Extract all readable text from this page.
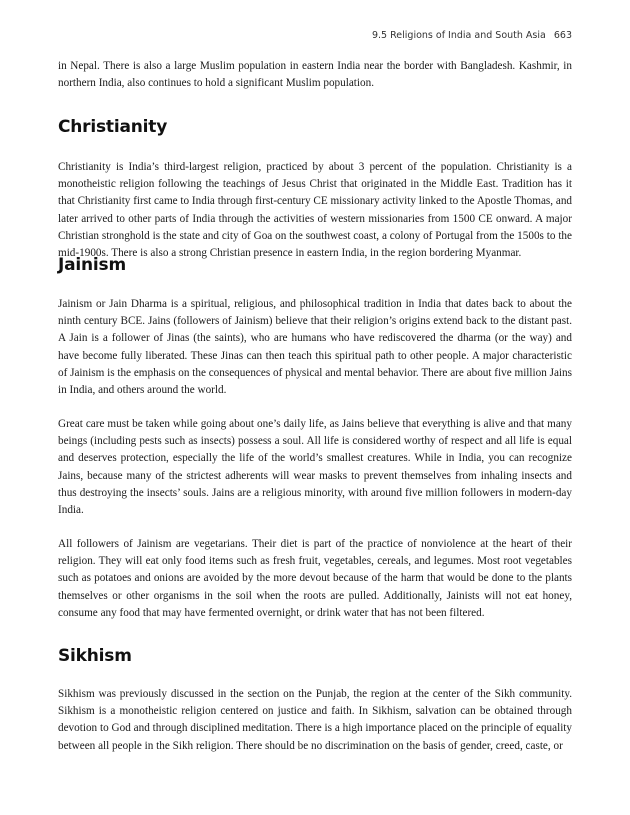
9.5 Religions of India and South Asia 663

in Nepal. There is also a large Muslim population in eastern India near the border with Bangladesh. Kashmir, in northern India, also continues to hold a significant Muslim population.

Christianity

Christianity is India’s third-largest religion, practiced by about 3 percent of the population. Christianity is a monotheistic religion following the teachings of Jesus Christ that originated in the Middle East. Tradition has it that Christianity first came to India through first-century CE missionary activity linked to the Apostle Thomas, and later arrived to other parts of India through the activities of western missionaries from 1500 CE onward. A major Christian stronghold is the state and city of Goa on the southwest coast, a colony of Portugal from the 1500s to the mid-1900s. There is also a strong Christian presence in eastern India, in the region bordering Myanmar.

Jainism

Jainism or Jain Dharma is a spiritual, religious, and philosophical tradition in India that dates back to about the ninth century BCE. Jains (followers of Jainism) believe that their religion’s origins extend back to the distant past. A Jain is a follower of Jinas (the saints), who are humans who have rediscovered the dharma (or the way) and have become fully liberated. These Jinas can then teach this spiritual path to other people. A major characteristic of Jainism is the emphasis on the consequences of physical and mental behavior. There are about five million Jains in India, and others around the world.

Great care must be taken while going about one’s daily life, as Jains believe that everything is alive and that many beings (including pests such as insects) possess a soul. All life is considered worthy of respect and all life is equal and deserves protection, especially the life of the world’s smallest creatures. While in India, you can recognize Jains, because many of the strictest adherents will wear masks to prevent themselves from inhaling insects and thus destroying the insects’ souls. Jains are a religious minority, with around five million followers in modern-day India.

All followers of Jainism are vegetarians. Their diet is part of the practice of nonviolence at the heart of their religion. They will eat only food items such as fresh fruit, vegetables, cereals, and legumes. Most root vegetables such as potatoes and onions are avoided by the more devout because of the harm that would be done to the plants themselves or other organisms in the soil when the roots are pulled. Additionally, Jainists will not eat honey, consume any food that may have fermented overnight, or drink water that has not been filtered.

Sikhism

Sikhism was previously discussed in the section on the Punjab, the region at the center of the Sikh community. Sikhism is a monotheistic religion centered on justice and faith. In Sikhism, salvation can be obtained through devotion to God and through disciplined meditation. There is a high importance placed on the principle of equality between all people in the Sikh religion. There should be no discrimination on the basis of gender, creed, caste, or
